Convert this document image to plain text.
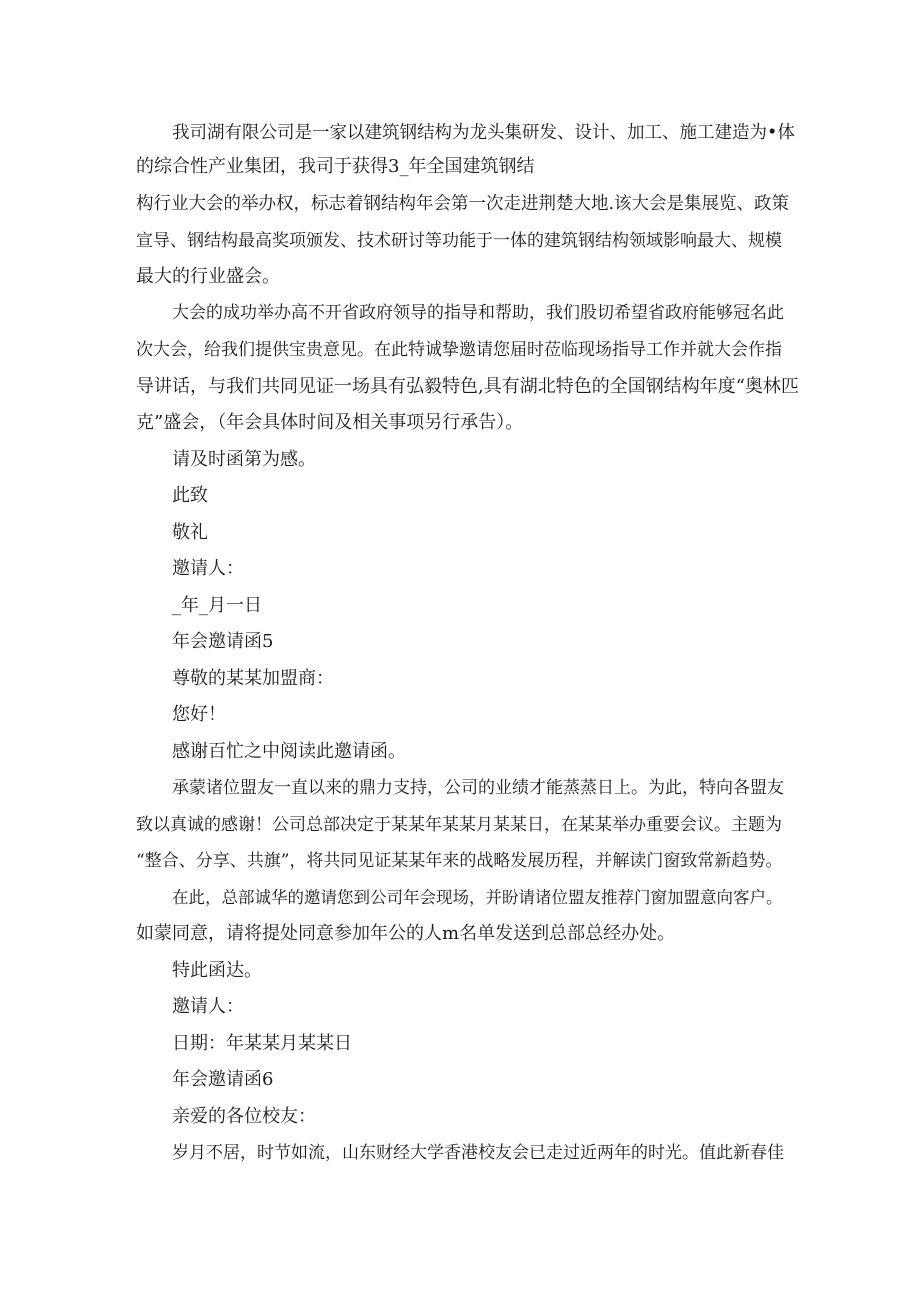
我司湖有限公司是一家以建筑钢结构为龙头集研发、设计、加工、施工建造为•体

的综合性产业集团，我司于获得3_年全国建筑钢结

构行业大会的举办权，标志着钢结构年会第一次走进荆楚大地.该大会是集展览、政策

宣导、钢结构最高奖项颁发、技术研讨等功能于一体的建筑钢结构领域影响最大、规模

最大的行业盛会。

大会的成功举办高不开省政府领导的指导和帮助，我们股切希望省政府能够冠名此

次大会，给我们提供宝贵意见。在此特诚挚邀请您届时莅临现场指导工作并就大会作指

导讲话，与我们共同见证一场具有弘毅特色,具有湖北特色的全国钢结构年度“奥林匹

克”盛会，（年会具体时间及相关事项另行承告）。

请及时函第为感。

此致

敬礼

邀请人：

_年_月一日

年会邀请函5

尊敬的某某加盟商：

您好！

感谢百忙之中阅读此邀请函。

承蒙诸位盟友一直以来的鼎力支持，公司的业绩才能蒸蒸日上。为此，特向各盟友

致以真诚的感谢！公司总部决定于某某年某某月某某日，在某某举办重要会议。主题为

“整合、分享、共旗”，将共同见证某某年来的战略发展历程，并解读门窗致常新趋势。

在此，总部诚华的邀请您到公司年会现场，并盼请诸位盟友推荐门窗加盟意向客户。

如蒙同意，请将提处同意参加年公的人m名单发送到总部总经办处。

特此函达。

邀请人：

日期：年某某月某某日

年会邀请函6

亲爱的各位校友：

岁月不居，时节如流，山东财经大学香港校友会已走过近两年的时光。值此新春佳
